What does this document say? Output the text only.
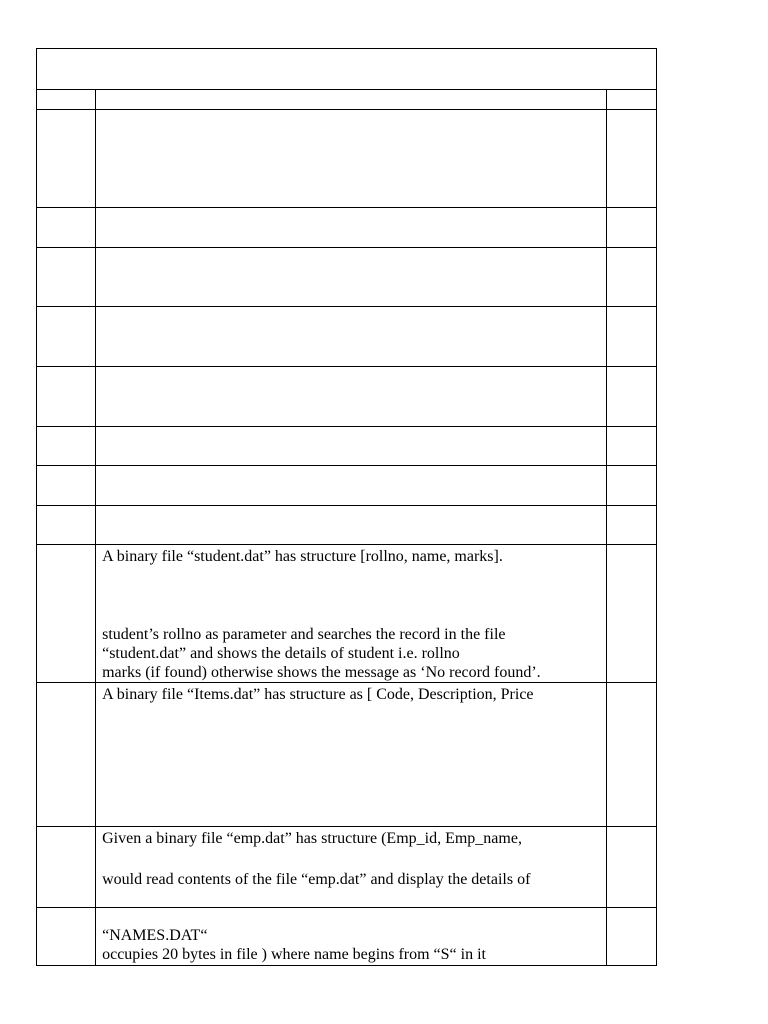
	A binary file “student.dat” has structure [rollno, name, marks].
student’s rollno as parameter and searches the record in the file
“student.dat” and shows the details of student i.e. rollno
marks (if found) otherwise shows the message as ‘No record found’.	

	A binary file “Items.dat” has structure as [ Code, Description, Price	

	Given a binary file “emp.dat” has structure (Emp_id, Emp_name,
would read contents of the file “emp.dat” and display the details of	

	“NAMES.DAT“
occupies 20 bytes in file ) where name begins from “S“ in it	
